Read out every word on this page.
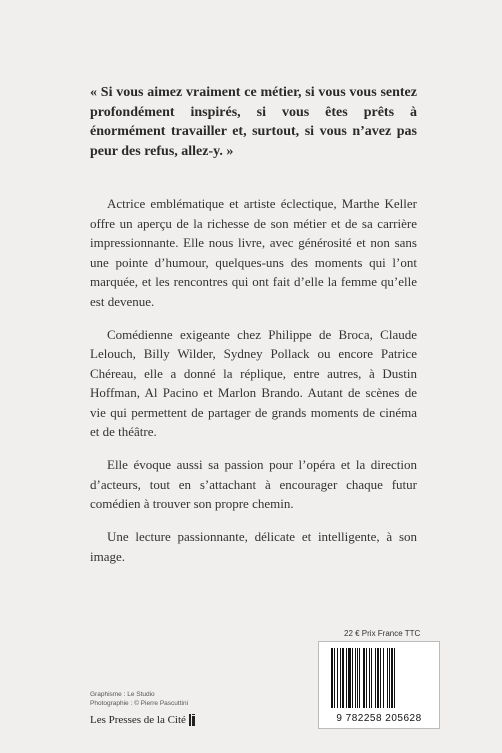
« Si vous aimez vraiment ce métier, si vous vous sentez profondément inspirés, si vous êtes prêts à énormément travailler et, surtout, si vous n’avez pas peur des refus, allez-y. »

Actrice emblématique et artiste éclectique, Marthe Keller offre un aperçu de la richesse de son métier et de sa carrière impressionnante. Elle nous livre, avec générosité et non sans une pointe d’humour, quelques-uns des moments qui l’ont marquée, et les rencontres qui ont fait d’elle la femme qu’elle est devenue.

Comédienne exigeante chez Philippe de Broca, Claude Lelouch, Billy Wilder, Sydney Pollack ou encore Patrice Chéreau, elle a donné la réplique, entre autres, à Dustin Hoffman, Al Pacino et Marlon Brando. Autant de scènes de vie qui permettent de partager de grands moments de cinéma et de théâtre.

Elle évoque aussi sa passion pour l’opéra et la direction d’acteurs, tout en s’attachant à encourager chaque futur comédien à trouver son propre chemin.

Une lecture passionnante, délicate et intelligente, à son image.

22 € Prix France TTC
9 782258 205628
Graphisme : Le Studio
Photographie : © Pierre Pascuttini
Les Presses de la Cité
